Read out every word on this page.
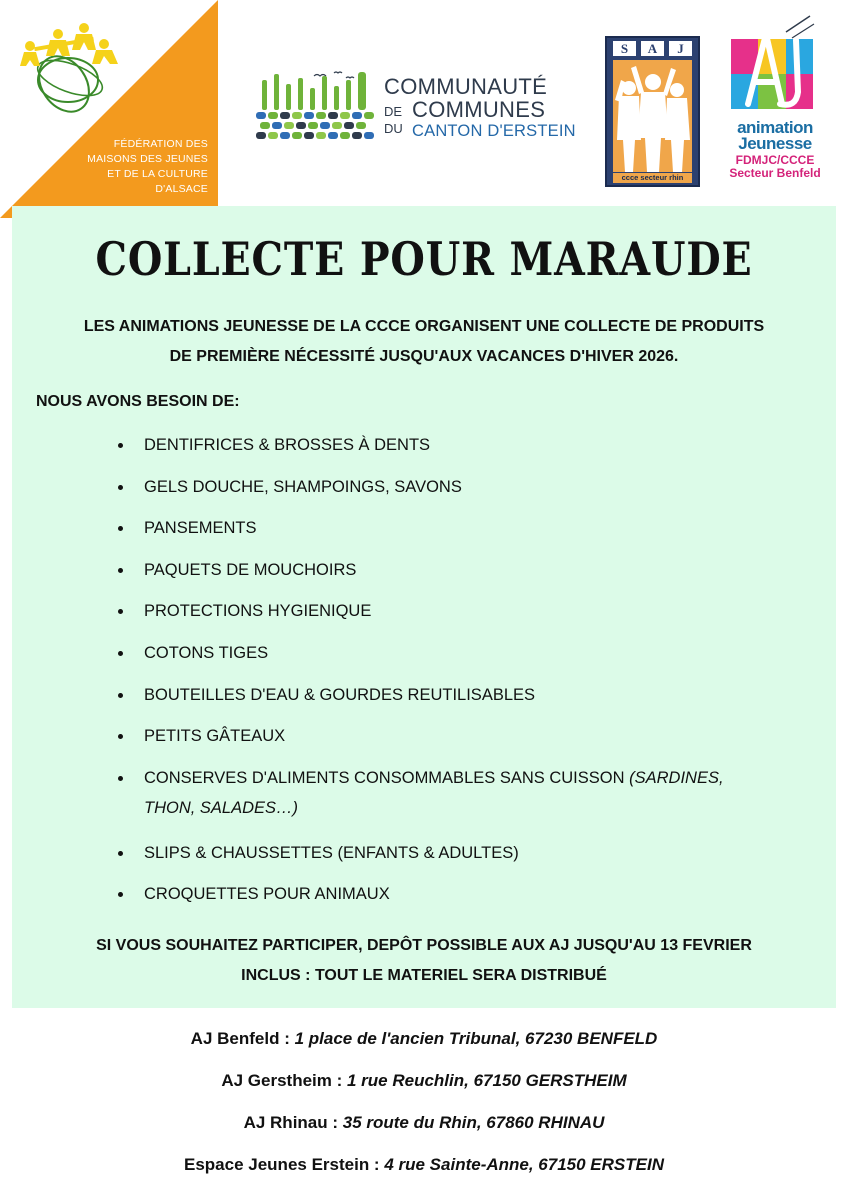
FÉDÉRATION DES
MAISONS DES JEUNES
ET DE LA CULTURE
D'ALSACE
COMMUNAUTÉ
DE COMMUNES
DU CANTON D'ERSTEIN
S	A	J
ccce secteur rhin
animation
Jeunesse
FDMJC/CCCE
Secteur Benfeld
COLLECTE POUR MARAUDE
LES ANIMATIONS JEUNESSE DE LA CCCE ORGANISENT UNE COLLECTE DE PRODUITS
DE PREMIÈRE NÉCESSITÉ JUSQU'AUX VACANCES D'HIVER 2026.
NOUS AVONS BESOIN DE:
DENTIFRICES & BROSSES À DENTS
GELS DOUCHE, SHAMPOINGS, SAVONS
PANSEMENTS
PAQUETS DE MOUCHOIRS
PROTECTIONS HYGIENIQUE
COTONS TIGES
BOUTEILLES D'EAU & GOURDES REUTILISABLES
PETITS GÂTEAUX
CONSERVES D'ALIMENTS CONSOMMABLES SANS CUISSON (SARDINES,
THON, SALADES…)
SLIPS & CHAUSSETTES (ENFANTS & ADULTES)
CROQUETTES POUR ANIMAUX
SI VOUS SOUHAITEZ PARTICIPER, DEPÔT POSSIBLE AUX AJ JUSQU'AU 13 FEVRIER
INCLUS : TOUT LE MATERIEL SERA DISTRIBUÉ
AJ Benfeld : 1 place de l'ancien Tribunal, 67230 BENFELD
AJ Gerstheim : 1 rue Reuchlin, 67150 GERSTHEIM
AJ Rhinau : 35 route du Rhin, 67860 RHINAU
Espace Jeunes Erstein : 4 rue Sainte-Anne, 67150 ERSTEIN
